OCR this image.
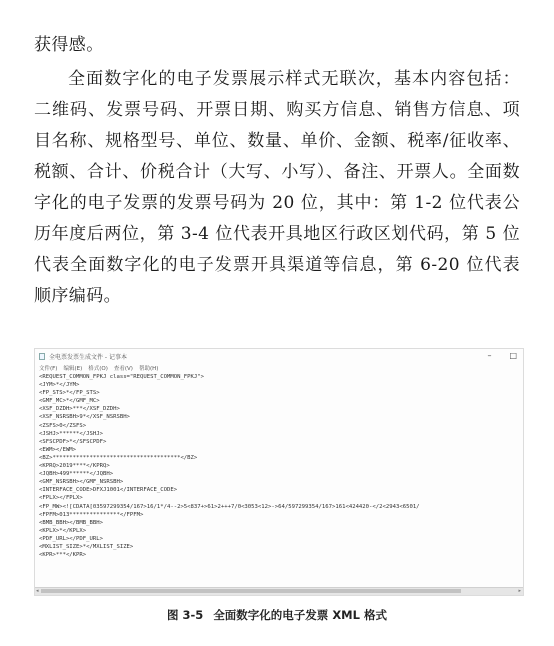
获得感。

全面数字化的电子发票展示样式无联次，基本内容包括：二维码、发票号码、开票日期、购买方信息、销售方信息、项目名称、规格型号、单位、数量、单价、金额、税率/征收率、税额、合计、价税合计（大写、小写）、备注、开票人。全面数字化的电子发票的发票号码为 20 位，其中：第 1-2 位代表公历年度后两位，第 3-4 位代表开具地区行政区划代码，第 5 位代表全面数字化的电子发票开具渠道等信息，第 6-20 位代表顺序编码。

全电票发票生成文件 - 记事本	– □
文件(F) 编辑(E) 格式(O) 查看(V) 帮助(H)
<REQUEST_COMMON_FPKJ class="REQUEST_COMMON_FPKJ">
<JYM>*</JYM>
<FP_STS>*</FP_STS>
<GMF_MC>*</GMF_MC>
<XSF_DZDH>***</XSF_DZDH>
<XSF_NSRSBH>9*</XSF_NSRSBH>
<ZSFS>0</ZSFS>
<JSHJ>******</JSHJ>
<SFSCPDF>*</SFSCPDF>
<EWM></EWM>
<BZ>**************************************</BZ>
<KPRQ>2019****</KPRQ>
<JQBH>499******</JQBH>
<GMF_NSRSBH></GMF_NSRSBH>
<INTERFACE_CODE>DFXJ1001</INTERFACE_CODE>
<FPLX></FPLX>
<FP_MW><![CDATA[03597299354/167>16/1*/4--2>5<837+>61>2+++7/0<3053<12>->64/597299354/167>161<424420-</2<2943<6501/
<FPFM>013***************</FPFM>
<BMB_BBH></BMB_BBH>
<KPLX>*</KPLX>
<PDF_URL></PDF_URL>
<MXLIST_SIZE>*</MXLIST_SIZE>
<KPR>***</KPR>
◂	▸
图 3-5 全面数字化的电子发票 XML 格式
